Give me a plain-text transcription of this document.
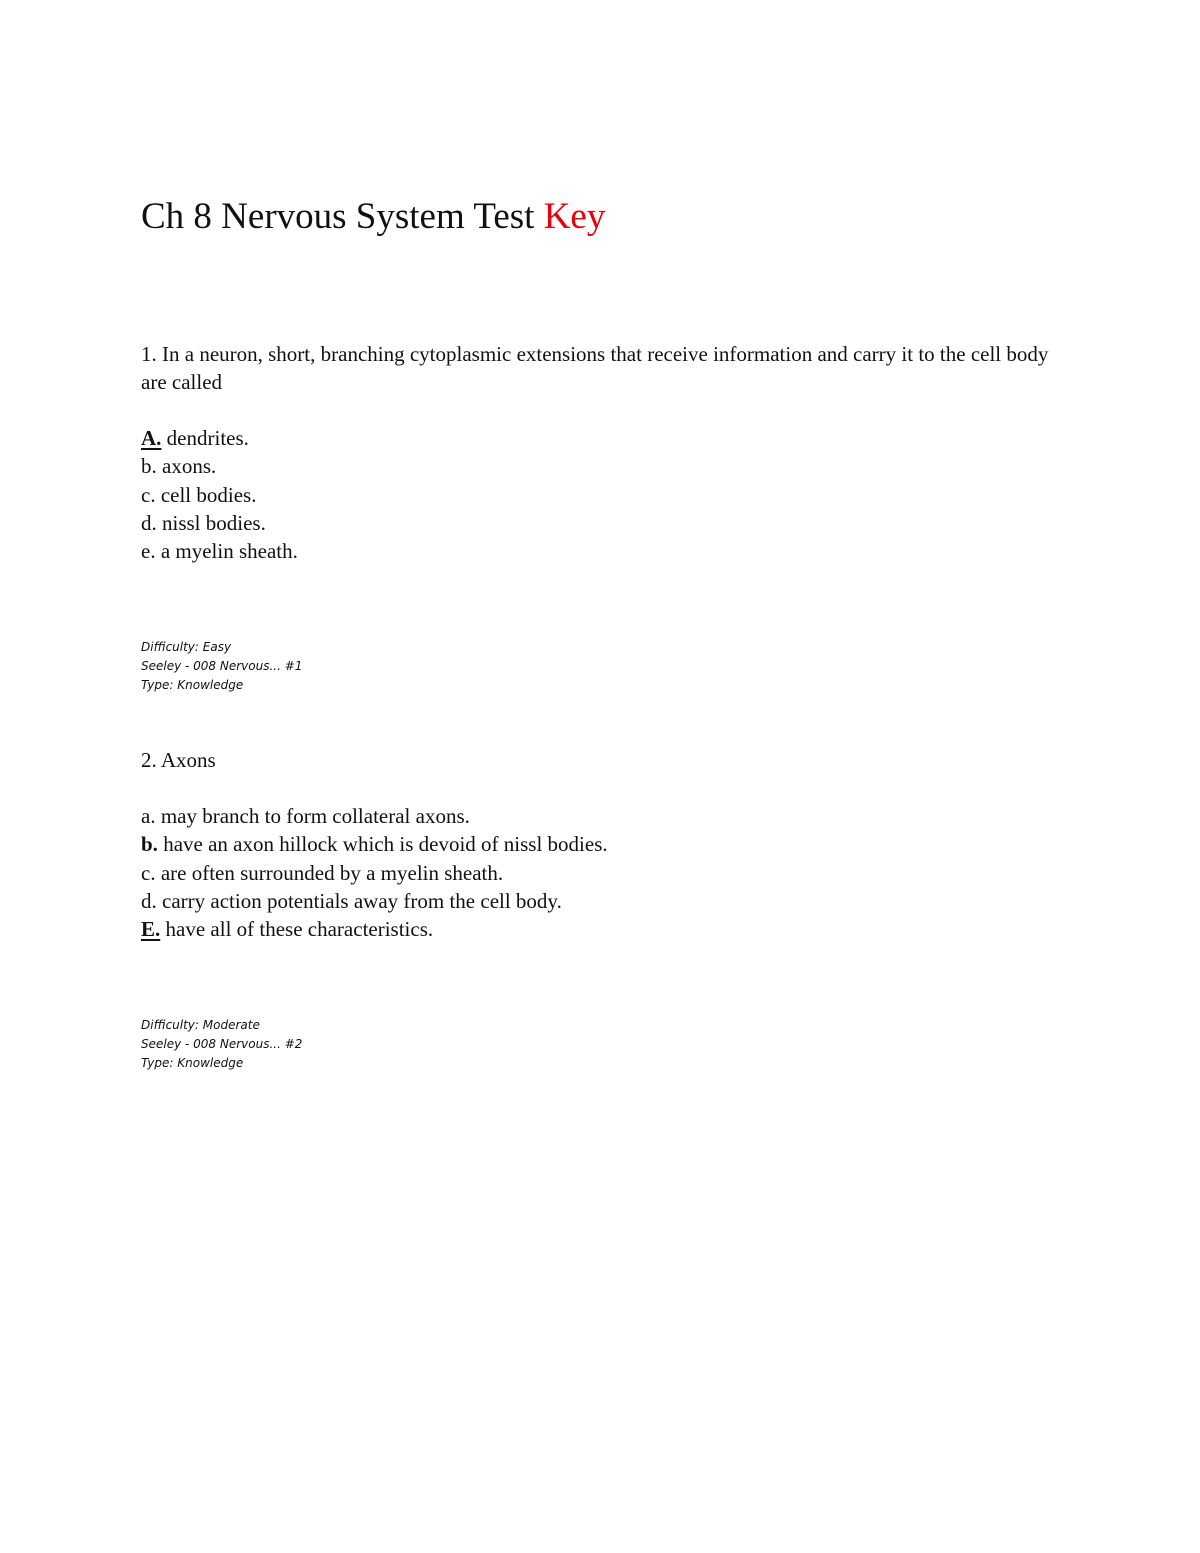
Ch 8 Nervous System Test Key
1. In a neuron, short, branching cytoplasmic extensions that receive information and carry it to the cell body are called
A. dendrites.
b. axons.
c. cell bodies.
d. nissl bodies.
e. a myelin sheath.
Difficulty: Easy
Seeley - 008 Nervous... #1
Type: Knowledge
2. Axons
a. may branch to form collateral axons.
b. have an axon hillock which is devoid of nissl bodies.
c. are often surrounded by a myelin sheath.
d. carry action potentials away from the cell body.
E. have all of these characteristics.
Difficulty: Moderate
Seeley - 008 Nervous... #2
Type: Knowledge
